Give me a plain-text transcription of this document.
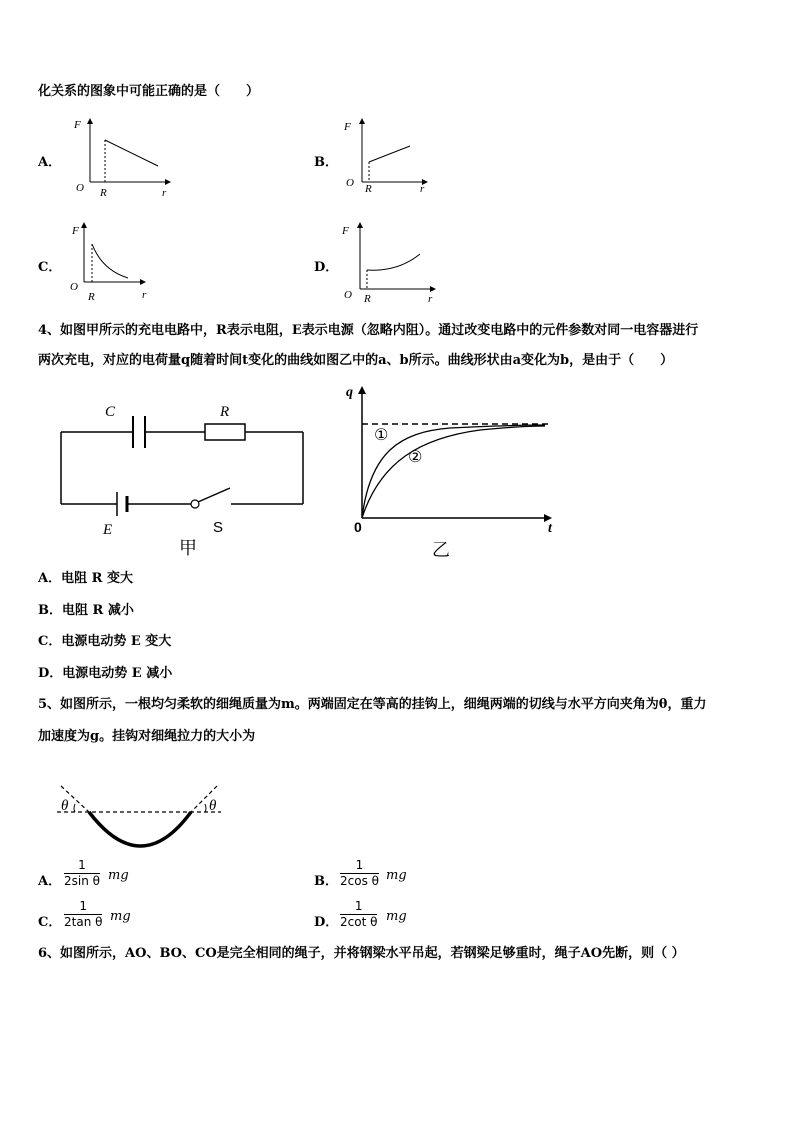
化关系的图象中可能正确的是（　　）
A．
F
O R	r
B．
F
O R	r
C．
F
O
R	r
D．
F
O R	r
4、如图甲所示的充电电路中，R表示电阻，E表示电源（忽略内阻）。通过改变电路中的元件参数对同一电容器进行
两次充电，对应的电荷量q随着时间t变化的曲线如图乙中的a、b所示。曲线形状由a变化为b，是由于（　　）
C	R
E	S
甲
q
t
0
①
②
乙
A．电阻 R 变大
B．电阻 R 减小
C．电源电动势 E 变大
D．电源电动势 E 减小
5、如图所示，一根均匀柔软的细绳质量为m。两端固定在等高的挂钩上，细绳两端的切线与水平方向夹角为θ，重力
加速度为g。挂钩对细绳拉力的大小为
θ	θ
A． $\frac{1}{\text{2sin θ}}$ mg	B． $\frac{1}{\text{2cos θ}}$ mg
C． $\frac{1}{\text{2tan θ}}$ mg	D． $\frac{1}{\text{2cot θ}}$ mg
6、如图所示，AO、BO、CO是完全相同的绳子，并将钢梁水平吊起，若钢梁足够重时，绳子AO先断，则（ ）
